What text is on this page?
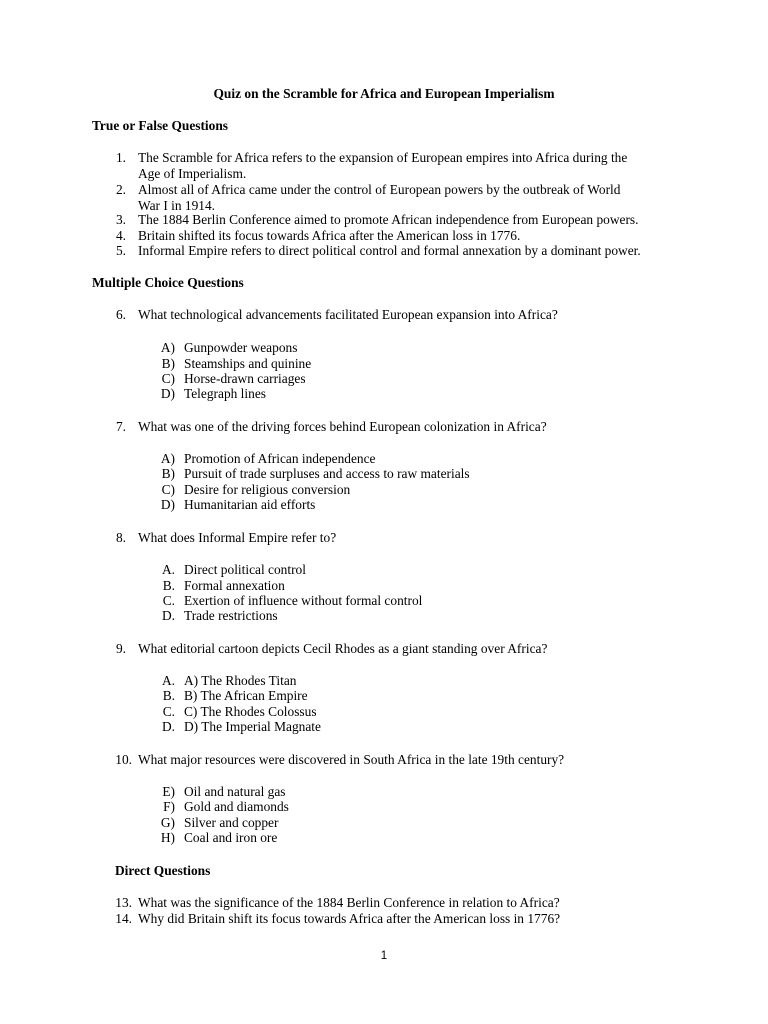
Quiz on the Scramble for Africa and European Imperialism
True or False Questions
1. The Scramble for Africa refers to the expansion of European empires into Africa during the
Age of Imperialism.
2. Almost all of Africa came under the control of European powers by the outbreak of World
War I in 1914.
3. The 1884 Berlin Conference aimed to promote African independence from European powers.
4. Britain shifted its focus towards Africa after the American loss in 1776.
5. Informal Empire refers to direct political control and formal annexation by a dominant power.
Multiple Choice Questions
6. What technological advancements facilitated European expansion into Africa?
A) Gunpowder weapons
B) Steamships and quinine
C) Horse-drawn carriages
D) Telegraph lines
7. What was one of the driving forces behind European colonization in Africa?
A) Promotion of African independence
B) Pursuit of trade surpluses and access to raw materials
C) Desire for religious conversion
D) Humanitarian aid efforts
8. What does Informal Empire refer to?
A. Direct political control
B. Formal annexation
C. Exertion of influence without formal control
D. Trade restrictions
9. What editorial cartoon depicts Cecil Rhodes as a giant standing over Africa?
A. A) The Rhodes Titan
B. B) The African Empire
C. C) The Rhodes Colossus
D. D) The Imperial Magnate
10. What major resources were discovered in South Africa in the late 19th century?
E) Oil and natural gas
F) Gold and diamonds
G) Silver and copper
H) Coal and iron ore
Direct Questions
13. What was the significance of the 1884 Berlin Conference in relation to Africa?
14. Why did Britain shift its focus towards Africa after the American loss in 1776?
1
